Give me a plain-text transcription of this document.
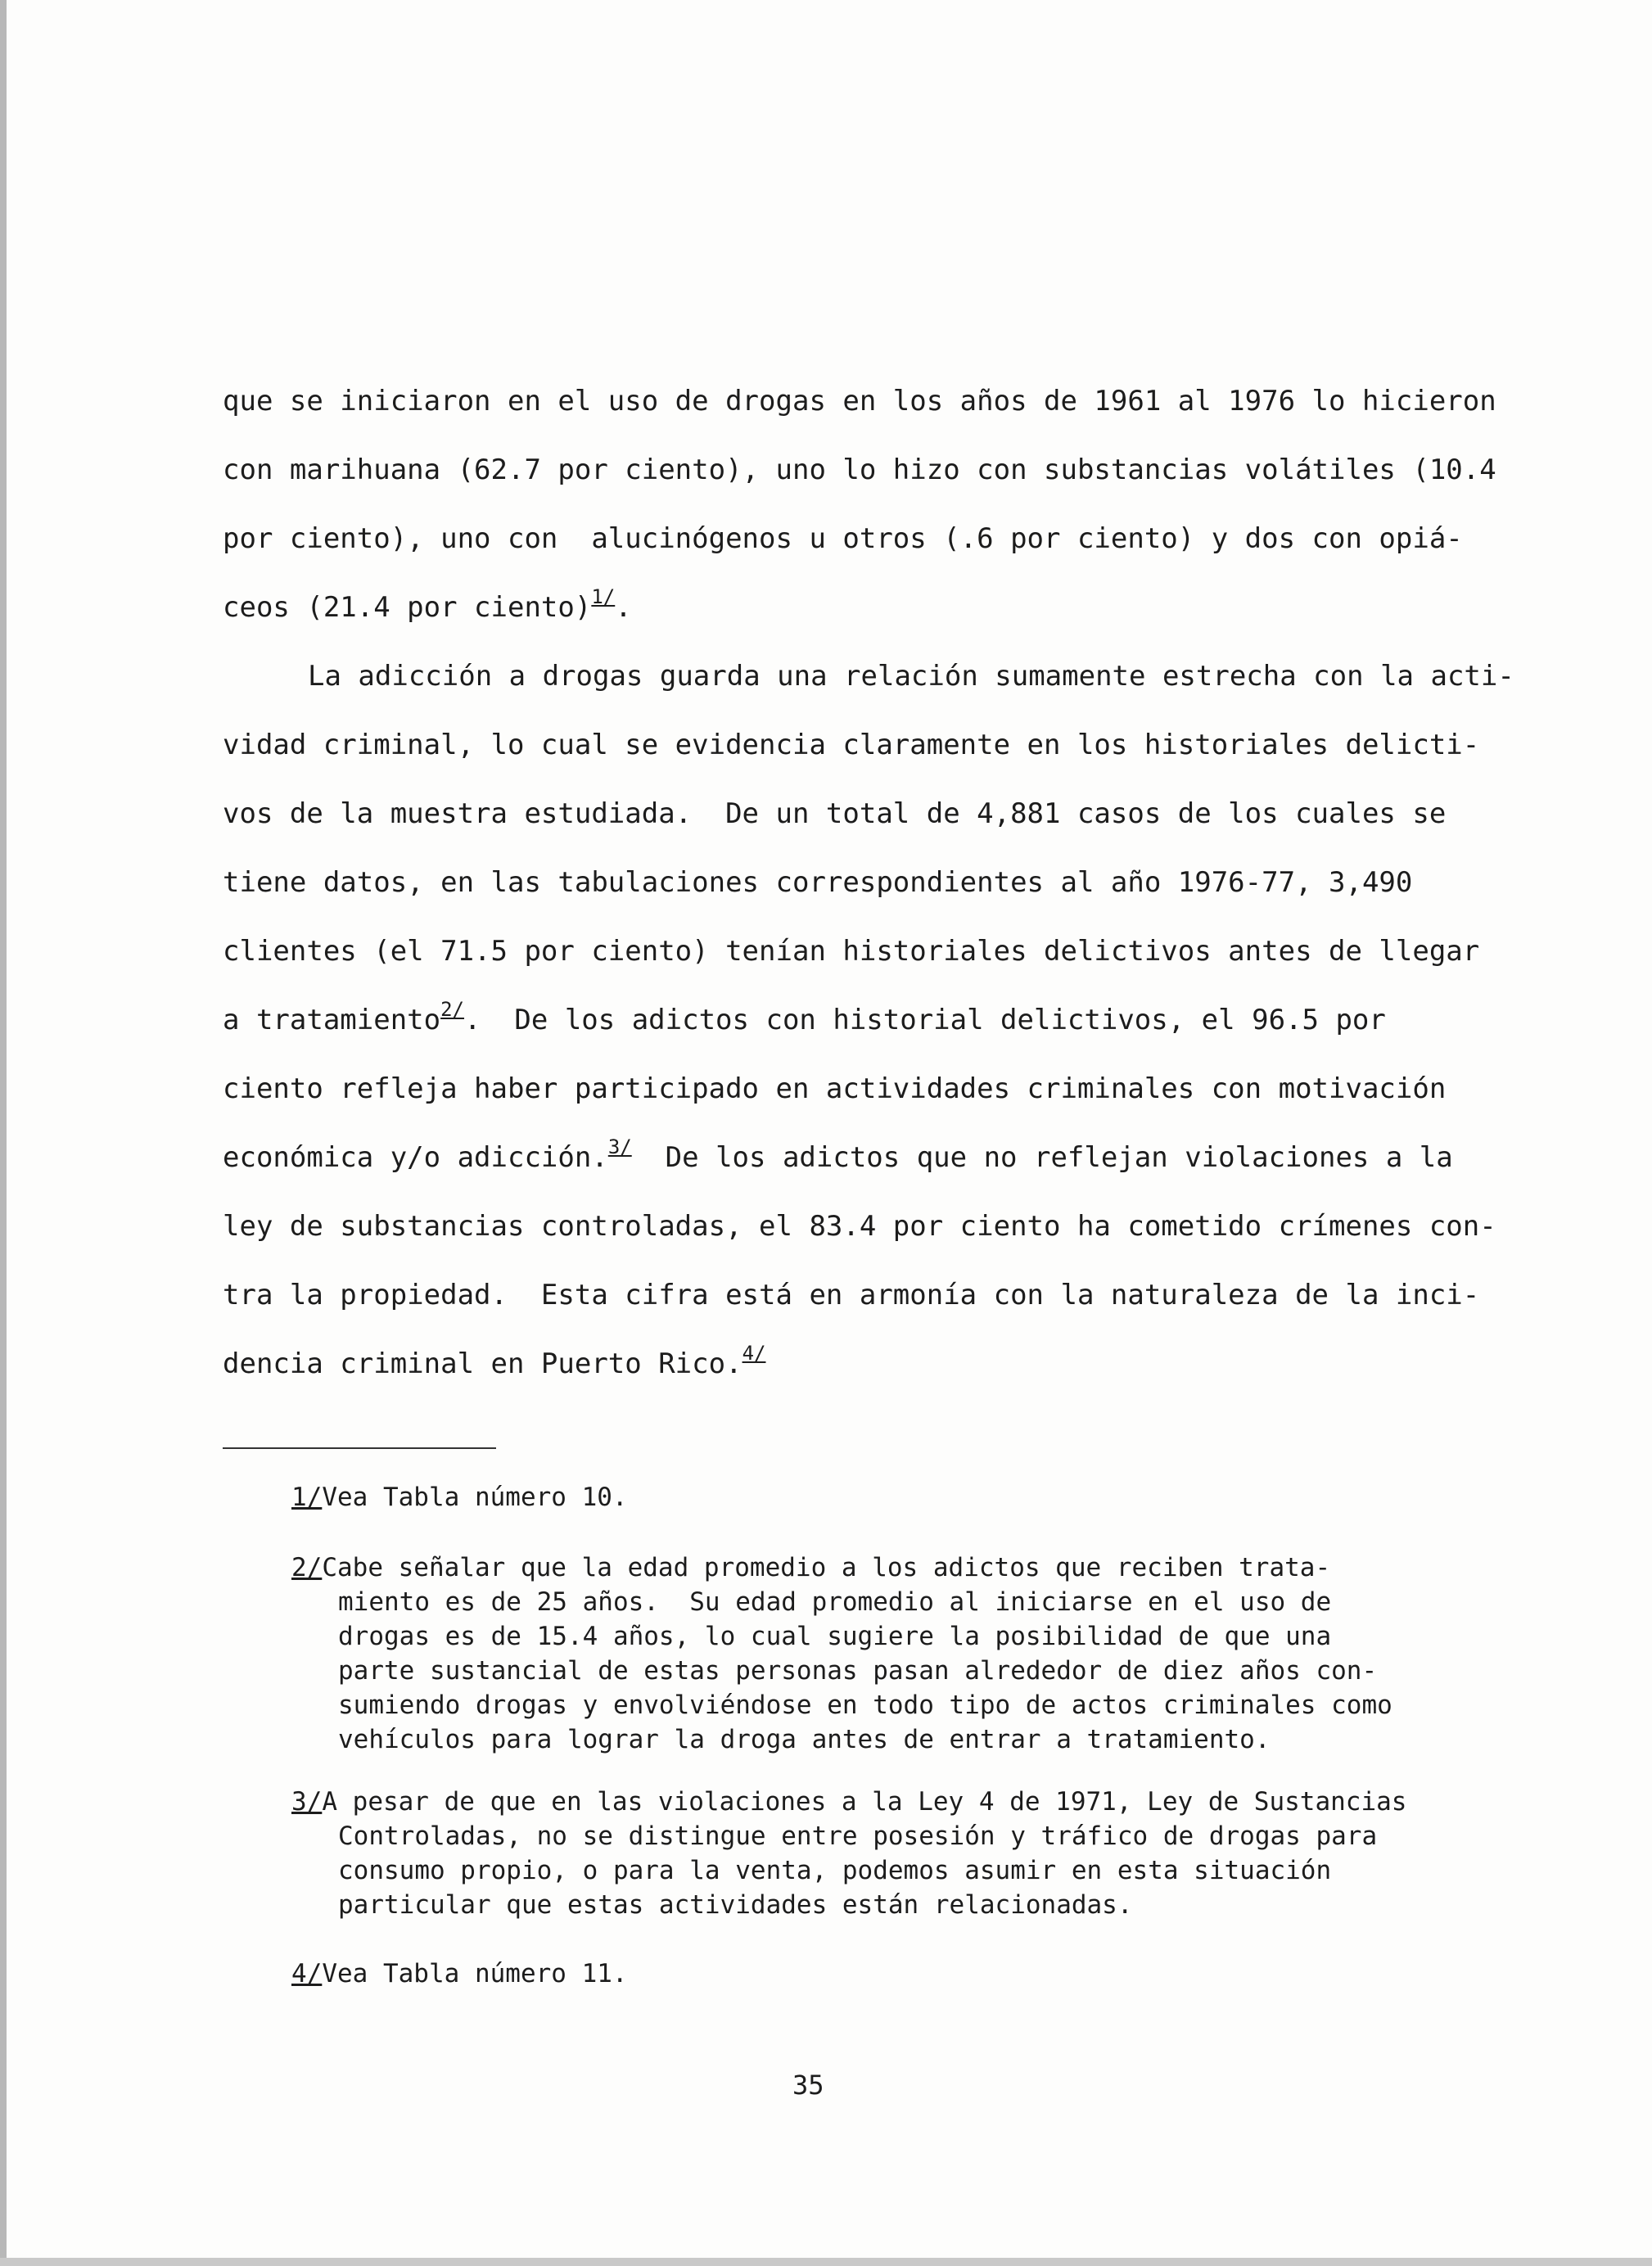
que se iniciaron en el uso de drogas en los años de 1961 al 1976 lo hicieron
con marihuana (62.7 por ciento), uno lo hizo con substancias volátiles (10.4
por ciento), uno con  alucinógenos u otros (.6 por ciento) y dos con opiá-
ceos (21.4 por ciento)$^{1/}$.
La adicción a drogas guarda una relación sumamente estrecha con la acti-
vidad criminal, lo cual se evidencia claramente en los historiales delicti-
vos de la muestra estudiada.  De un total de 4,881 casos de los cuales se
tiene datos, en las tabulaciones correspondientes al año 1976-77, 3,490
clientes (el 71.5 por ciento) tenían historiales delictivos antes de llegar
a tratamiento$^{2/}$.  De los adictos con historial delictivos, el 96.5 por
ciento refleja haber participado en actividades criminales con motivación
económica y/o adicción.$^{3/}$  De los adictos que no reflejan violaciones a la
ley de substancias controladas, el 83.4 por ciento ha cometido crímenes con-
tra la propiedad.  Esta cifra está en armonía con la naturaleza de la inci-
dencia criminal en Puerto Rico.$^{4/}$
1/Vea Tabla número 10.
2/Cabe señalar que la edad promedio a los adictos que reciben trata-
miento es de 25 años.  Su edad promedio al iniciarse en el uso de
drogas es de 15.4 años, lo cual sugiere la posibilidad de que una
parte sustancial de estas personas pasan alrededor de diez años con-
sumiendo drogas y envolviéndose en todo tipo de actos criminales como
vehículos para lograr la droga antes de entrar a tratamiento.
3/A pesar de que en las violaciones a la Ley 4 de 1971, Ley de Sustancias
Controladas, no se distingue entre posesión y tráfico de drogas para
consumo propio, o para la venta, podemos asumir en esta situación
particular que estas actividades están relacionadas.
4/Vea Tabla número 11.
35
